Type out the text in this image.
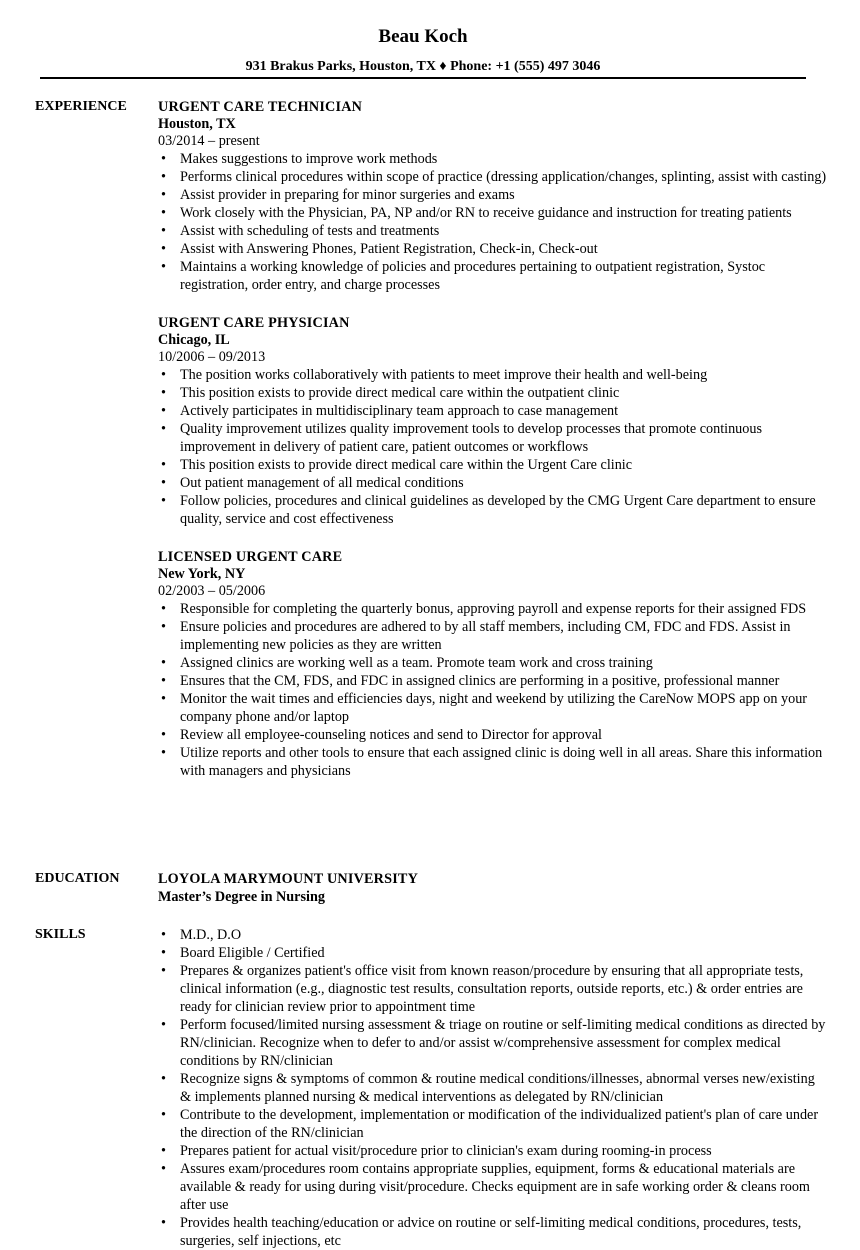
Beau Koch
931 Brakus Parks, Houston, TX ♦ Phone: +1 (555) 497 3046
EXPERIENCE URGENT CARE TECHNICIAN
Houston, TX
03/2014 – present
• Makes suggestions to improve work methods
• Performs clinical procedures within scope of practice (dressing application/changes, splinting, assist with casting)
• Assist provider in preparing for minor surgeries and exams
• Work closely with the Physician, PA, NP and/or RN to receive guidance and instruction for treating patients
• Assist with scheduling of tests and treatments
• Assist with Answering Phones, Patient Registration, Check-in, Check-out
• Maintains a working knowledge of policies and procedures pertaining to outpatient registration, Systoc registration, order entry, and charge processes
URGENT CARE PHYSICIAN
Chicago, IL
10/2006 – 09/2013
• The position works collaboratively with patients to meet improve their health and well-being
• This position exists to provide direct medical care within the outpatient clinic
• Actively participates in multidisciplinary team approach to case management
• Quality improvement utilizes quality improvement tools to develop processes that promote continuous improvement in delivery of patient care, patient outcomes or workflows
• This position exists to provide direct medical care within the Urgent Care clinic
• Out patient management of all medical conditions
• Follow policies, procedures and clinical guidelines as developed by the CMG Urgent Care department to ensure quality, service and cost effectiveness
LICENSED URGENT CARE
New York, NY
02/2003 – 05/2006
• Responsible for completing the quarterly bonus, approving payroll and expense reports for their assigned FDS
• Ensure policies and procedures are adhered to by all staff members, including CM, FDC and FDS. Assist in implementing new policies as they are written
• Assigned clinics are working well as a team. Promote team work and cross training
• Ensures that the CM, FDS, and FDC in assigned clinics are performing in a positive, professional manner
• Monitor the wait times and efficiencies days, night and weekend by utilizing the CareNow MOPS app on your company phone and/or laptop
• Review all employee-counseling notices and send to Director for approval
• Utilize reports and other tools to ensure that each assigned clinic is doing well in all areas. Share this information with managers and physicians
EDUCATION	LOYOLA MARYMOUNT UNIVERSITY
Master’s Degree in Nursing
SKILLS
•	M.D., D.O
• Board Eligible / Certified
• Prepares & organizes patient's office visit from known reason/procedure by ensuring that all appropriate tests, clinical information (e.g., diagnostic test results, consultation reports, outside reports, etc.) & order entries are ready for clinician review prior to appointment time
• Perform focused/limited nursing assessment & triage on routine or self-limiting medical conditions as directed by RN/clinician. Recognize when to defer to and/or assist w/comprehensive assessment for complex medical conditions by RN/clinician
• Recognize signs & symptoms of common & routine medical conditions/illnesses, abnormal verses new/existing & implements planned nursing & medical interventions as delegated by RN/clinician
• Contribute to the development, implementation or modification of the individualized patient's plan of care under the direction of the RN/clinician
• Prepares patient for actual visit/procedure prior to clinician's exam during rooming-in process
• Assures exam/procedures room contains appropriate supplies, equipment, forms & educational materials are available & ready for using during visit/procedure. Checks equipment are in safe working order & cleans room after use
• Provides health teaching/education or advice on routine or self-limiting medical conditions, procedures, tests, surgeries, self injections, etc
